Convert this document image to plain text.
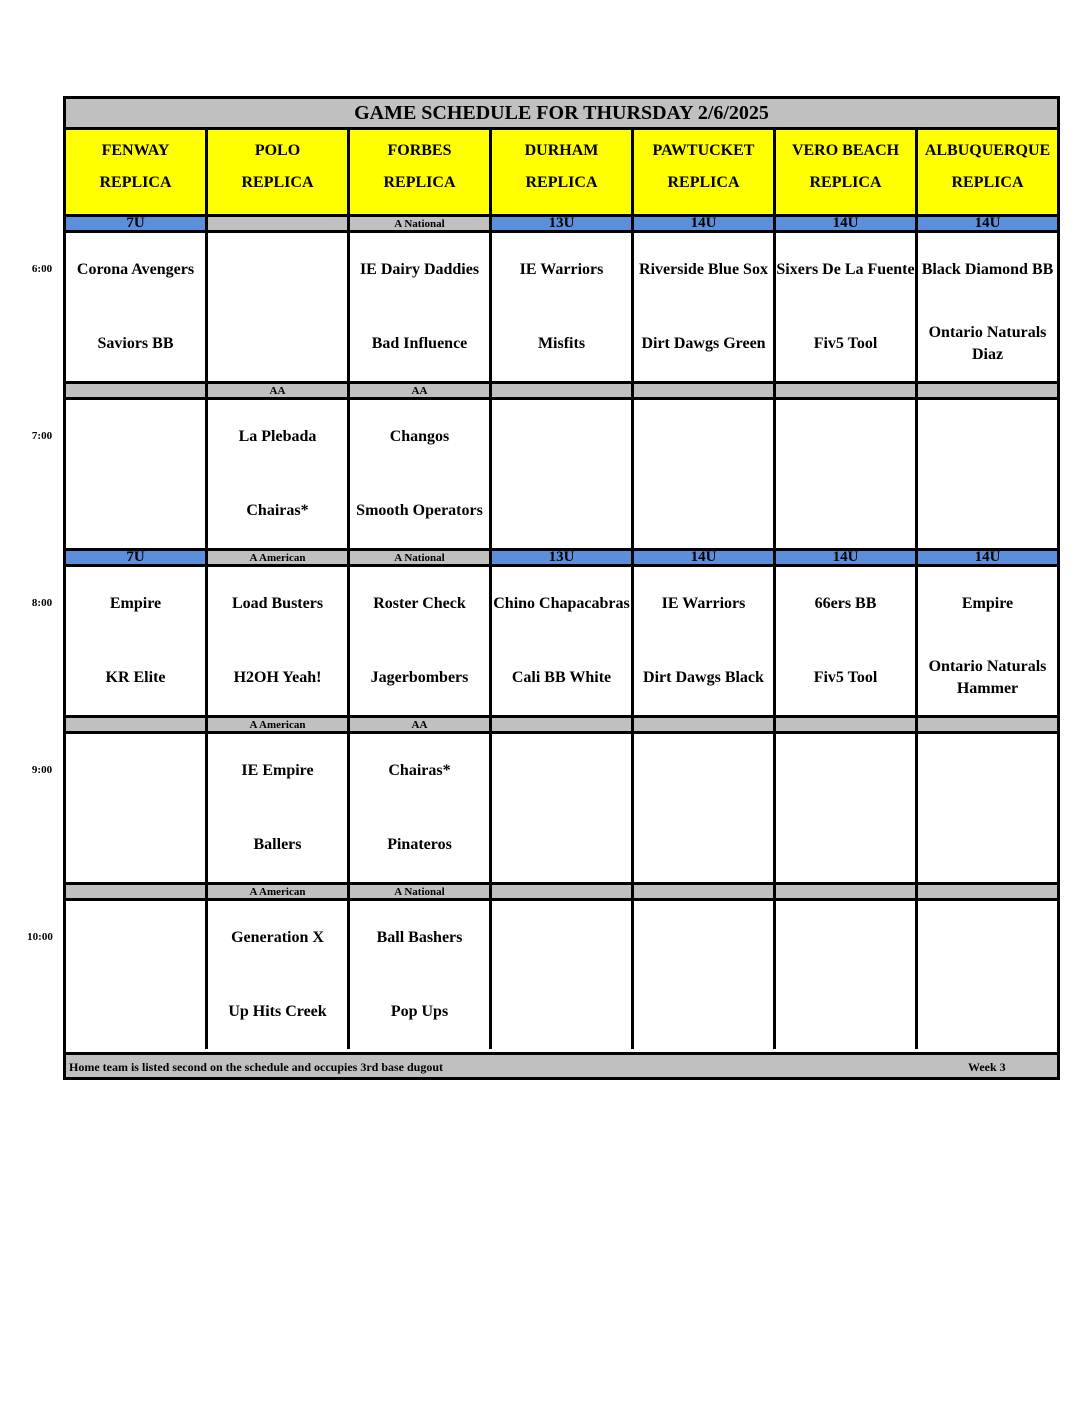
GAME SCHEDULE FOR THURSDAY 2/6/2025
FENWAY
REPLICA
POLO
REPLICA
FORBES
REPLICA
DURHAM
REPLICA
PAWTUCKET
REPLICA
VERO BEACH
REPLICA
ALBUQUERQUE
REPLICA
7U
Corona Avengers
Saviors BB
A National
IE Dairy Daddies
Bad Influence
13U
IE Warriors
Misfits
14U
Riverside Blue Sox
Dirt Dawgs Green
14U
Sixers De La Fuente
Fiv5 Tool
14U
Black Diamond BB
Ontario Naturals Diaz
AA
La Plebada
Chairas*
AA
Changos
Smooth Operators
7U
Empire
KR Elite
A American
Load Busters
H2OH Yeah!
A National
Roster Check
Jagerbombers
13U
Chino Chapacabras
Cali BB White
14U
IE Warriors
Dirt Dawgs Black
14U
66ers BB
Fiv5 Tool
14U
Empire
Ontario Naturals Hammer
A American
IE Empire
Ballers
AA
Chairas*
Pinateros
A American
Generation X
Up Hits Creek
A National
Ball Bashers
Pop Ups
Home team is listed second on the schedule and occupies 3rd base dugout	Week 3
6:00
7:00
8:00
9:00
10:00
